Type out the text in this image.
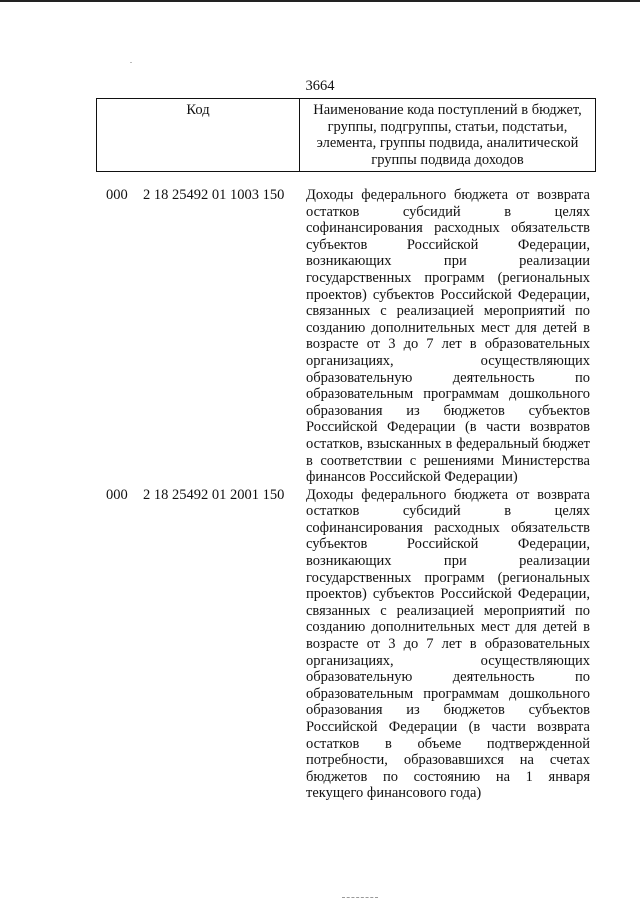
3664
Код	Наименование кода поступлений в бюджет, группы, подгруппы, статьи, подстатьи, элемента, группы подвида, аналитической группы подвида доходов
000 2 18 25492 01 1003 150 Доходы федерального бюджета от возврата остатков субсидий в целях софинансирования расходных обязательств субъектов Российской Федерации, возникающих при реализации государственных программ (региональных проектов) субъектов Российской Федерации, связанных с реализацией мероприятий по созданию дополнительных мест для детей в возрасте от 3 до 7 лет в образовательных организациях, осуществляющих образовательную деятельность по образовательным программам дошкольного образования из бюджетов субъектов Российской Федерации (в части возвратов остатков, взысканных в федеральный бюджет в соответствии с решениями Министерства финансов Российской Федерации)
000 2 18 25492 01 2001 150 Доходы федерального бюджета от возврата остатков субсидий в целях софинансирования расходных обязательств субъектов Российской Федерации, возникающих при реализации государственных программ (региональных проектов) субъектов Российской Федерации, связанных с реализацией мероприятий по созданию дополнительных мест для детей в возрасте от 3 до 7 лет в образовательных организациях, осуществляющих образовательную деятельность по образовательным программам дошкольного образования из бюджетов субъектов Российской Федерации (в части возврата остатков в объеме подтвержденной потребности, образовавшихся на счетах бюджетов по состоянию на 1 января текущего финансового года)
